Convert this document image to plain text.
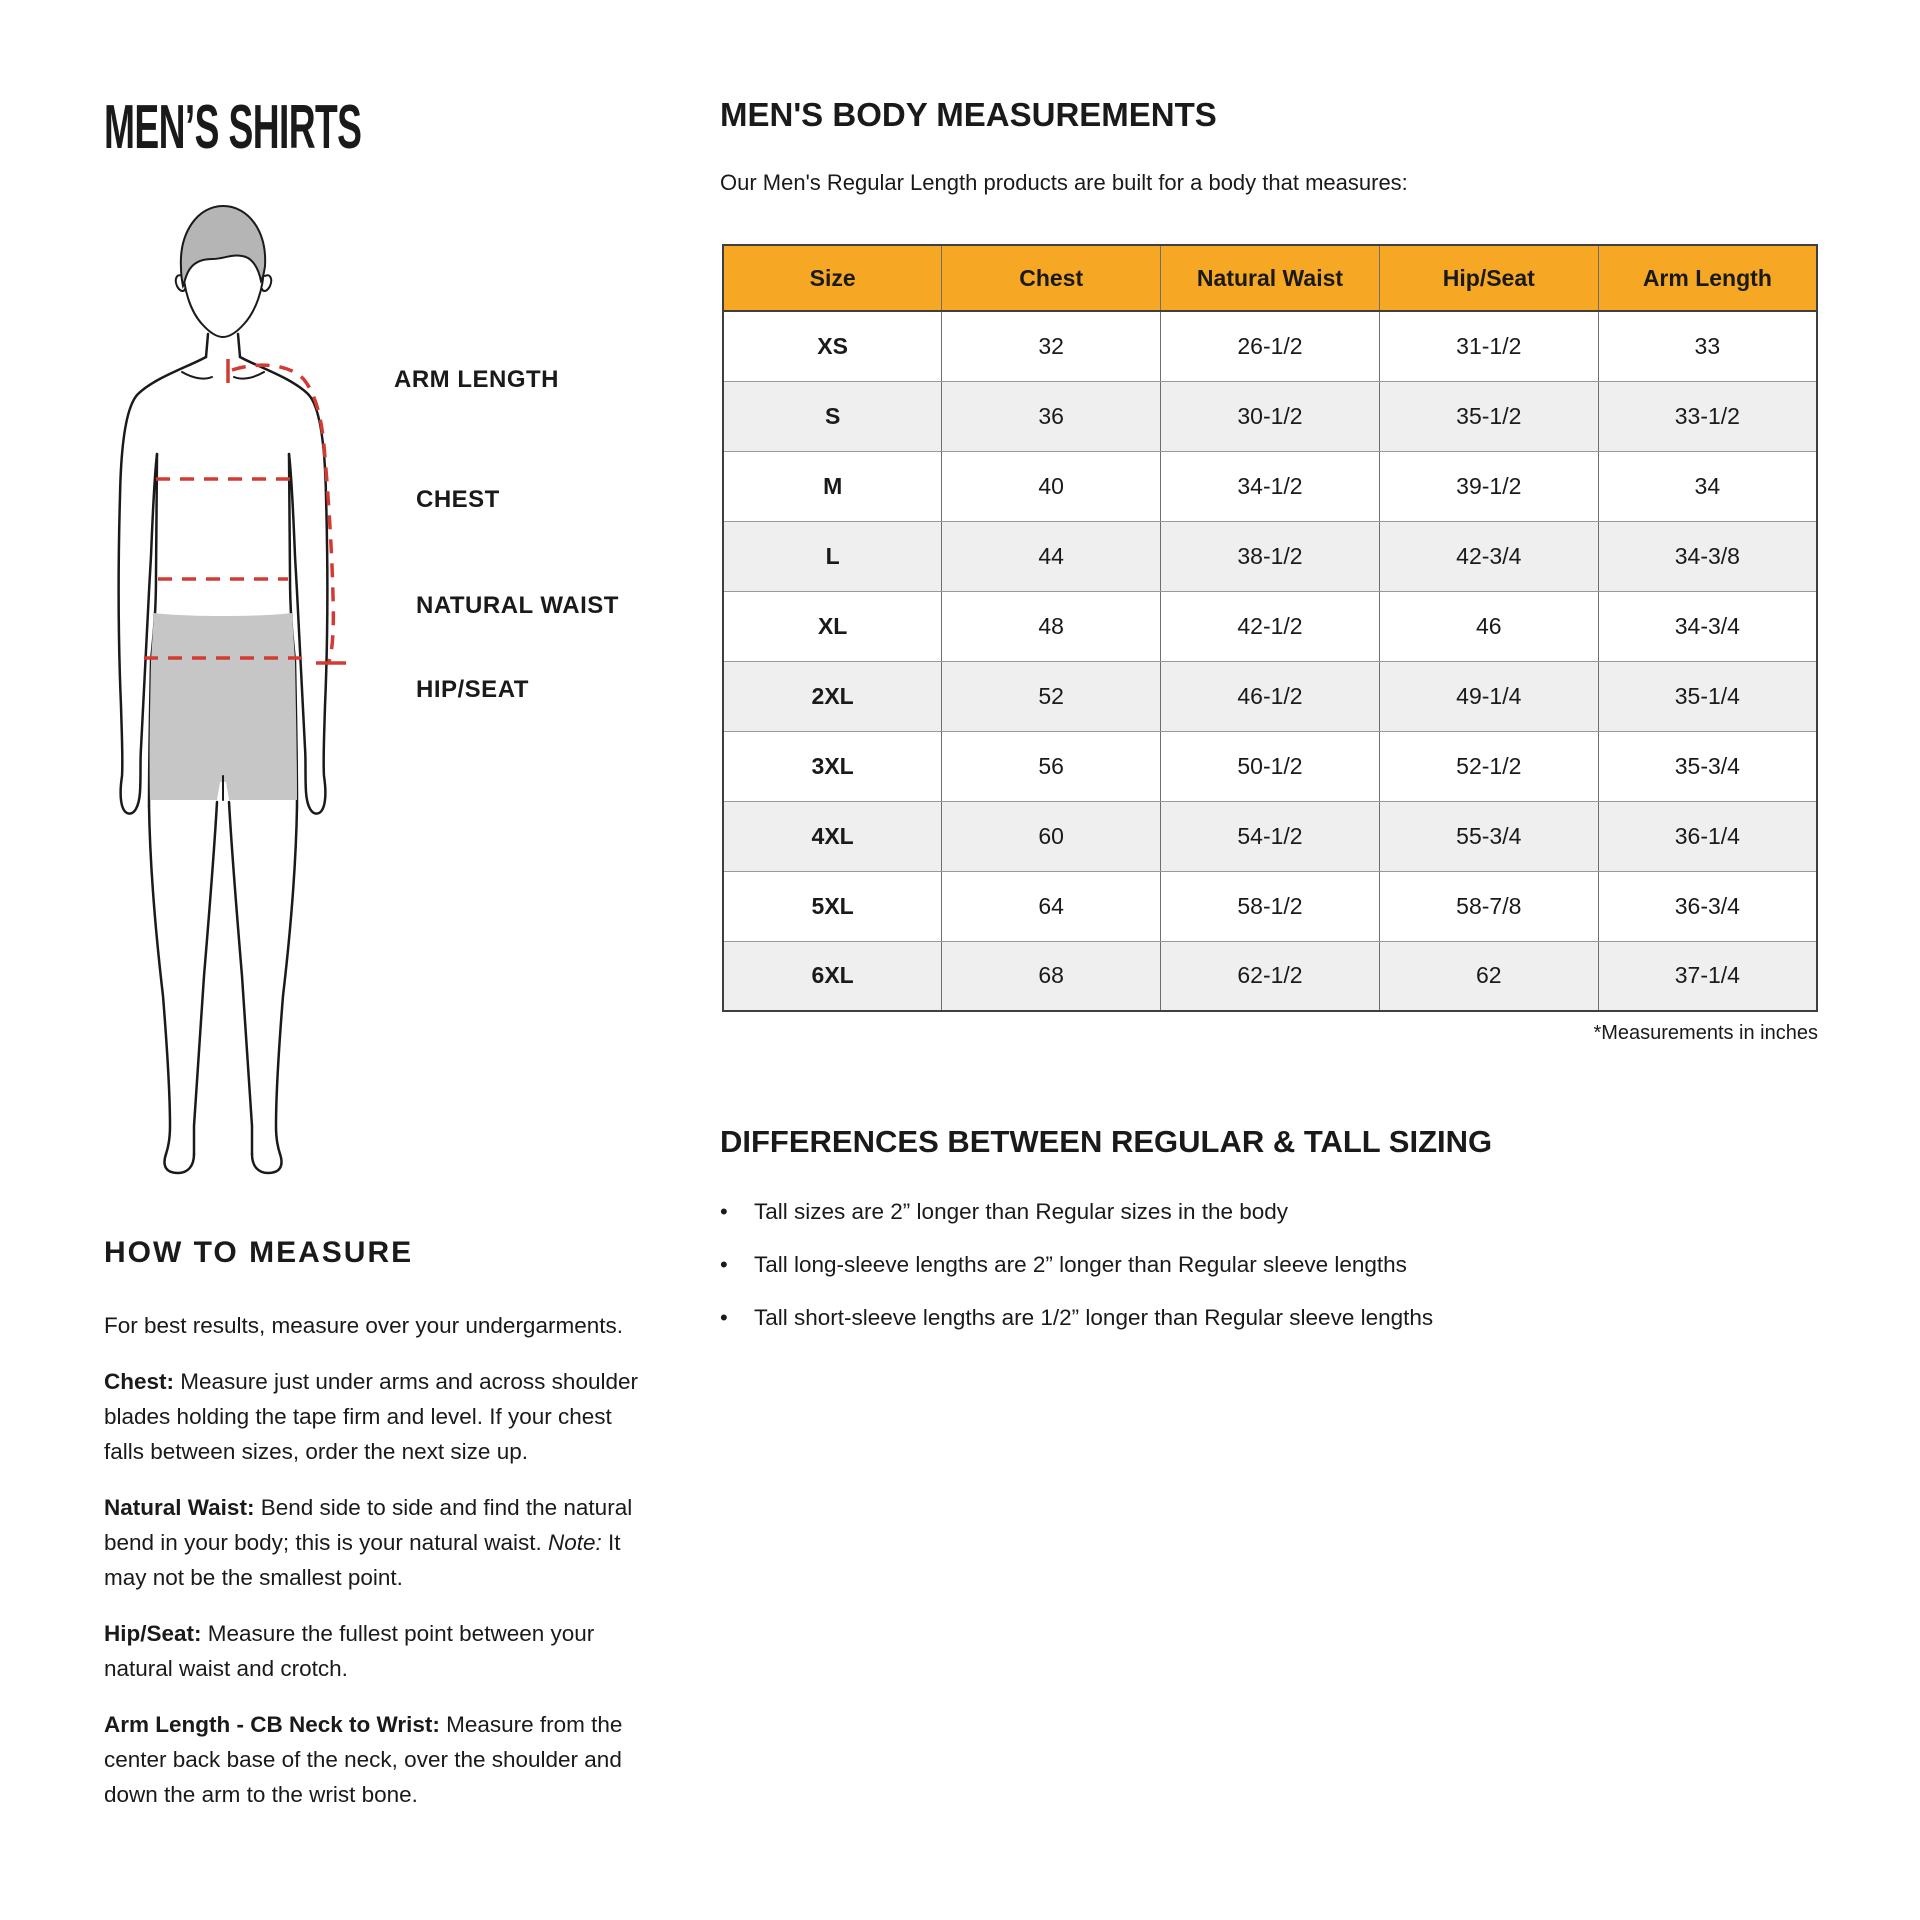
MEN’S SHIRTS
ARM LENGTH
CHEST
NATURAL WAIST
HIP/SEAT
HOW TO MEASURE

For best results, measure over your undergarments.

Chest: Measure just under arms and across shoulder blades holding the tape firm and level. If your chest falls between sizes, order the next size up.

Natural Waist: Bend side to side and find the natural bend in your body; this is your natural waist. Note: It may not be the smallest point.

Hip/Seat: Measure the fullest point between your natural waist and crotch.

Arm Length - CB Neck to Wrist: Measure from the center back base of the neck, over the shoulder and down the arm to the wrist bone.

MEN'S BODY MEASUREMENTS
Our Men's Regular Length products are built for a body that measures:
Size	Chest	Natural Waist	Hip/Seat	Arm Length
XS	32	26-1/2	31-1/2	33
S	36	30-1/2	35-1/2	33-1/2
M	40	34-1/2	39-1/2	34
L	44	38-1/2	42-3/4	34-3/8
XL	48	42-1/2	46	34-3/4
2XL	52	46-1/2	49-1/4	35-1/4
3XL	56	50-1/2	52-1/2	35-3/4
4XL	60	54-1/2	55-3/4	36-1/4
5XL	64	58-1/2	58-7/8	36-3/4
6XL	68	62-1/2	62	37-1/4
*Measurements in inches
DIFFERENCES BETWEEN REGULAR & TALL SIZING
•	Tall sizes are 2” longer than Regular sizes in the body
•	Tall long-sleeve lengths are 2” longer than Regular sleeve lengths
•	Tall short-sleeve lengths are 1/2” longer than Regular sleeve lengths
